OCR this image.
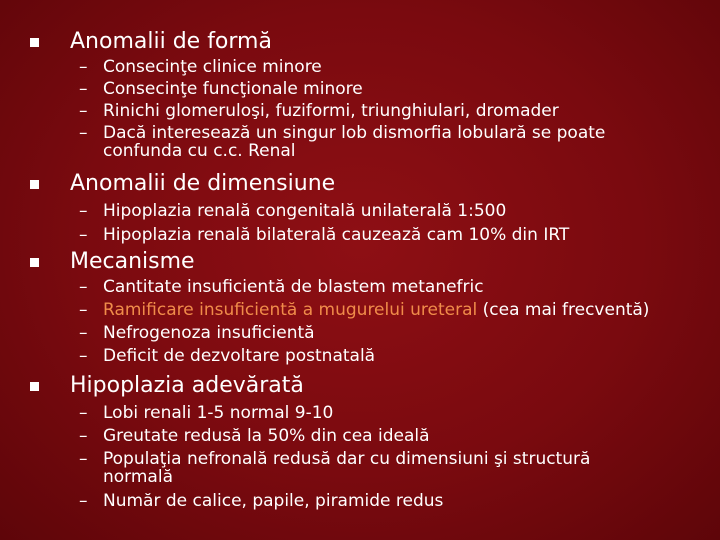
Anomalii de formă
– Consecinţe clinice minore
– Consecinţe funcţionale minore
– Rinichi glomeruloşi, fuziformi, triunghiulari, dromader
– Dacă interesează un singur lob dismorfia lobulară se poate
confunda cu c.c. Renal
Anomalii de dimensiune
– Hipoplazia renală congenitală unilaterală 1:500
– Hipoplazia renală bilaterală cauzează cam 10% din IRT
Mecanisme
– Cantitate insuficientă de blastem metanefric
– Ramificare insuficientă a mugurelui ureteral (cea mai frecventă)
– Nefrogenoza insuficientă
– Deficit de dezvoltare postnatală
Hipoplazia adevărată
– Lobi renali 1-5 normal 9-10
– Greutate redusă la 50% din cea ideală
– Populaţia nefronală redusă dar cu dimensiuni şi structură
normală
– Număr de calice, papile, piramide redus
